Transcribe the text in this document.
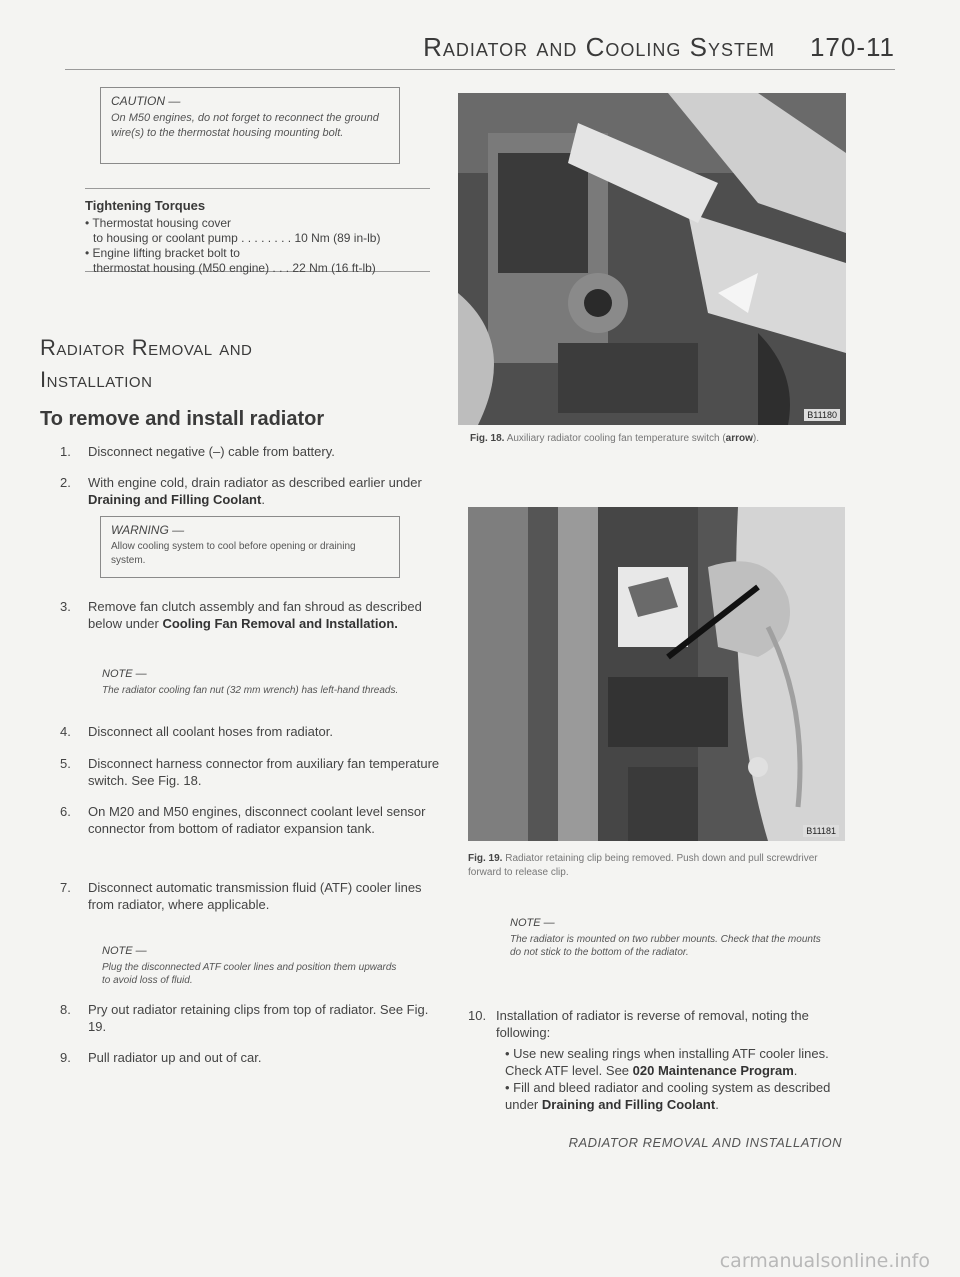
Radiator and Cooling System 170-11
CAUTION —
On M50 engines, do not forget to reconnect the ground wire(s) to the thermostat housing mounting bolt.
Tightening Torques
• Thermostat housing cover
to housing or coolant pump . . . . . . . . 10 Nm (89 in-lb)
• Engine lifting bracket bolt to
thermostat housing (M50 engine) . . . 22 Nm (16 ft-lb)
Radiator Removal and
Installation
To remove and install radiator
1.	Disconnect negative (–) cable from battery.
2.	With engine cold, drain radiator as described earlier under Draining and Filling Coolant.
WARNING —
Allow cooling system to cool before opening or draining system.
3.	Remove fan clutch assembly and fan shroud as described below under Cooling Fan Removal and Installation.
NOTE —
The radiator cooling fan nut (32 mm wrench) has left-hand threads.
4.	Disconnect all coolant hoses from radiator.
5.	Disconnect harness connector from auxiliary fan temperature switch. See Fig. 18.
6.	On M20 and M50 engines, disconnect coolant level sensor connector from bottom of radiator expansion tank.
7.	Disconnect automatic transmission fluid (ATF) cooler lines from radiator, where applicable.
NOTE —
Plug the disconnected ATF cooler lines and position them upwards to avoid loss of fluid.
8.	Pry out radiator retaining clips from top of radiator. See Fig. 19.
9.	Pull radiator up and out of car.
B11180
Fig. 18. Auxiliary radiator cooling fan temperature switch (arrow).
B11181
Fig. 19. Radiator retaining clip being removed. Push down and pull screwdriver forward to release clip.
NOTE —
The radiator is mounted on two rubber mounts. Check that the mounts do not stick to the bottom of the radiator.
10. Installation of radiator is reverse of removal, noting the following:
• Use new sealing rings when installing ATF cooler lines. Check ATF level. See 020 Maintenance Program.
• Fill and bleed radiator and cooling system as described under Draining and Filling Coolant.
RADIATOR REMOVAL AND INSTALLATION
carmanualsonline.info
